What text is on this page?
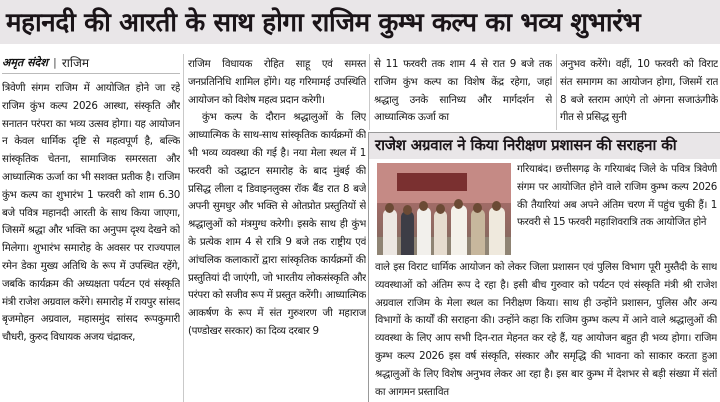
महानदी की आरती के साथ होगा राजिम कुम्भ कल्प का भव्य शुभारंभ
अमृत संदेश | राजिम

त्रिवेणी संगम राजिम में आयोजित होने जा रहे राजिम कुंभ कल्प 2026 आस्था, संस्कृति और सनातन परंपरा का भव्य उत्सव होगा। यह आयोजन न केवल धार्मिक दृष्टि से महत्वपूर्ण है, बल्कि सांस्कृतिक चेतना, सामाजिक समरसता और आध्यात्मिक ऊर्जा का भी सशक्त प्रतीक है। राजिम कुंभ कल्प का शुभारंभ 1 फरवरी को शाम 6.30 बजे पवित्र महानदी आरती के साथ किया जाएगा, जिसमें श्रद्धा और भक्ति का अनुपम दृश्य देखने को मिलेगा। शुभारंभ समारोह के अवसर पर राज्यपाल रमेन डेका मुख्य अतिथि के रूप में उपस्थित रहेंगे, जबकि कार्यक्रम की अध्यक्षता पर्यटन एवं संस्कृति मंत्री राजेश अग्रवाल करेंगे। समारोह में रायपुर सांसद बृजमोहन अग्रवाल, महासमुंद सांसद रूपकुमारी चौधरी, कुरुद विधायक अजय चंद्राकर,

राजिम विधायक रोहित साहू एवं समस्त जनप्रतिनिधि शामिल होंगे। यह गरिमामई उपस्थिति आयोजन को विशेष महत्व प्रदान करेगी।

कुंभ कल्प के दौरान श्रद्धालुओं के लिए आध्यात्मिक के साथ-साथ सांस्कृतिक कार्यक्रमों की भी भव्य व्यवस्था की गई है। नया मेला स्थल में 1 फरवरी को उद्घाटन समारोह के बाद मुंबई की प्रसिद्ध लीला द डिवाइनलुक्स रॉक बैंड रात 8 बजे अपनी सुमधुर और भक्ति से ओतप्रोत प्रस्तुतियों से श्रद्धालुओं को मंत्रमुग्ध करेगी। इसके साथ ही कुंभ के प्रत्येक शाम 4 से रात्रि 9 बजे तक राष्ट्रीय एवं आंचलिक कलाकारों द्वारा सांस्कृतिक कार्यक्रमों की प्रस्तुतियां दी जाएंगी, जो भारतीय लोकसंस्कृति और परंपरा को सजीव रूप में प्रस्तुत करेंगी। आध्यात्मिक आकर्षण के रूप में संत गुरुशरण जी महाराज (पण्डोखर सरकार) का दिव्य दरबार 9

से 11 फरवरी तक शाम 4 से रात 9 बजे तक राजिम कुंभ कल्प का विशेष केंद्र रहेगा, जहां श्रद्धालु उनके सानिध्य और मार्गदर्शन से आध्यात्मिक ऊर्जा का

अनुभव करेंगे। वहीं, 10 फरवरी को विराट संत समागम का आयोजन होगा, जिसमें रात 8 बजे स्तराम आएंगे तो अंगना सजाऊंगीके गीत से प्रसिद्ध सुनी

राजेश अग्रवाल ने किया निरीक्षण प्रशासन की सराहना की
गरियाबंद। छत्तीसगढ़ के गरियाबंद जिले के पवित्र त्रिवेणी संगम पर आयोजित होने वाले राजिम कुम्भ कल्प 2026 की तैयारियां अब अपने अंतिम चरण में पहुंच चुकी हैं। 1 फरवरी से 15 फरवरी महाशिवरात्रि तक आयोजित होने
वाले इस विराट धार्मिक आयोजन को लेकर जिला प्रशासन एवं पुलिस विभाग पूरी मुस्तैदी के साथ व्यवस्थाओं को अंतिम रूप दे रहा है। इसी बीच गुरुवार को पर्यटन एवं संस्कृति मंत्री श्री राजेश अग्रवाल राजिम के मेला स्थल का निरीक्षण किया। साथ ही उन्होंने प्रशासन, पुलिस और अन्य विभागों के कार्यों की सराहना की। उन्होंने कहा कि राजिम कुम्भ कल्प में आने वाले श्रद्धालुओं की व्यवस्था के लिए आप सभी दिन-रात मेहनत कर रहे हैं, यह आयोजन बहुत ही भव्य होगा। राजिम कुम्भ कल्प 2026 इस वर्ष संस्कृति, संस्कार और समृद्धि की भावना को साकार करता हुआ श्रद्धालुओं के लिए विशेष अनुभव लेकर आ रहा है। इस बार कुम्भ में देशभर से बड़ी संख्या में संतों का आगमन प्रस्तावित
